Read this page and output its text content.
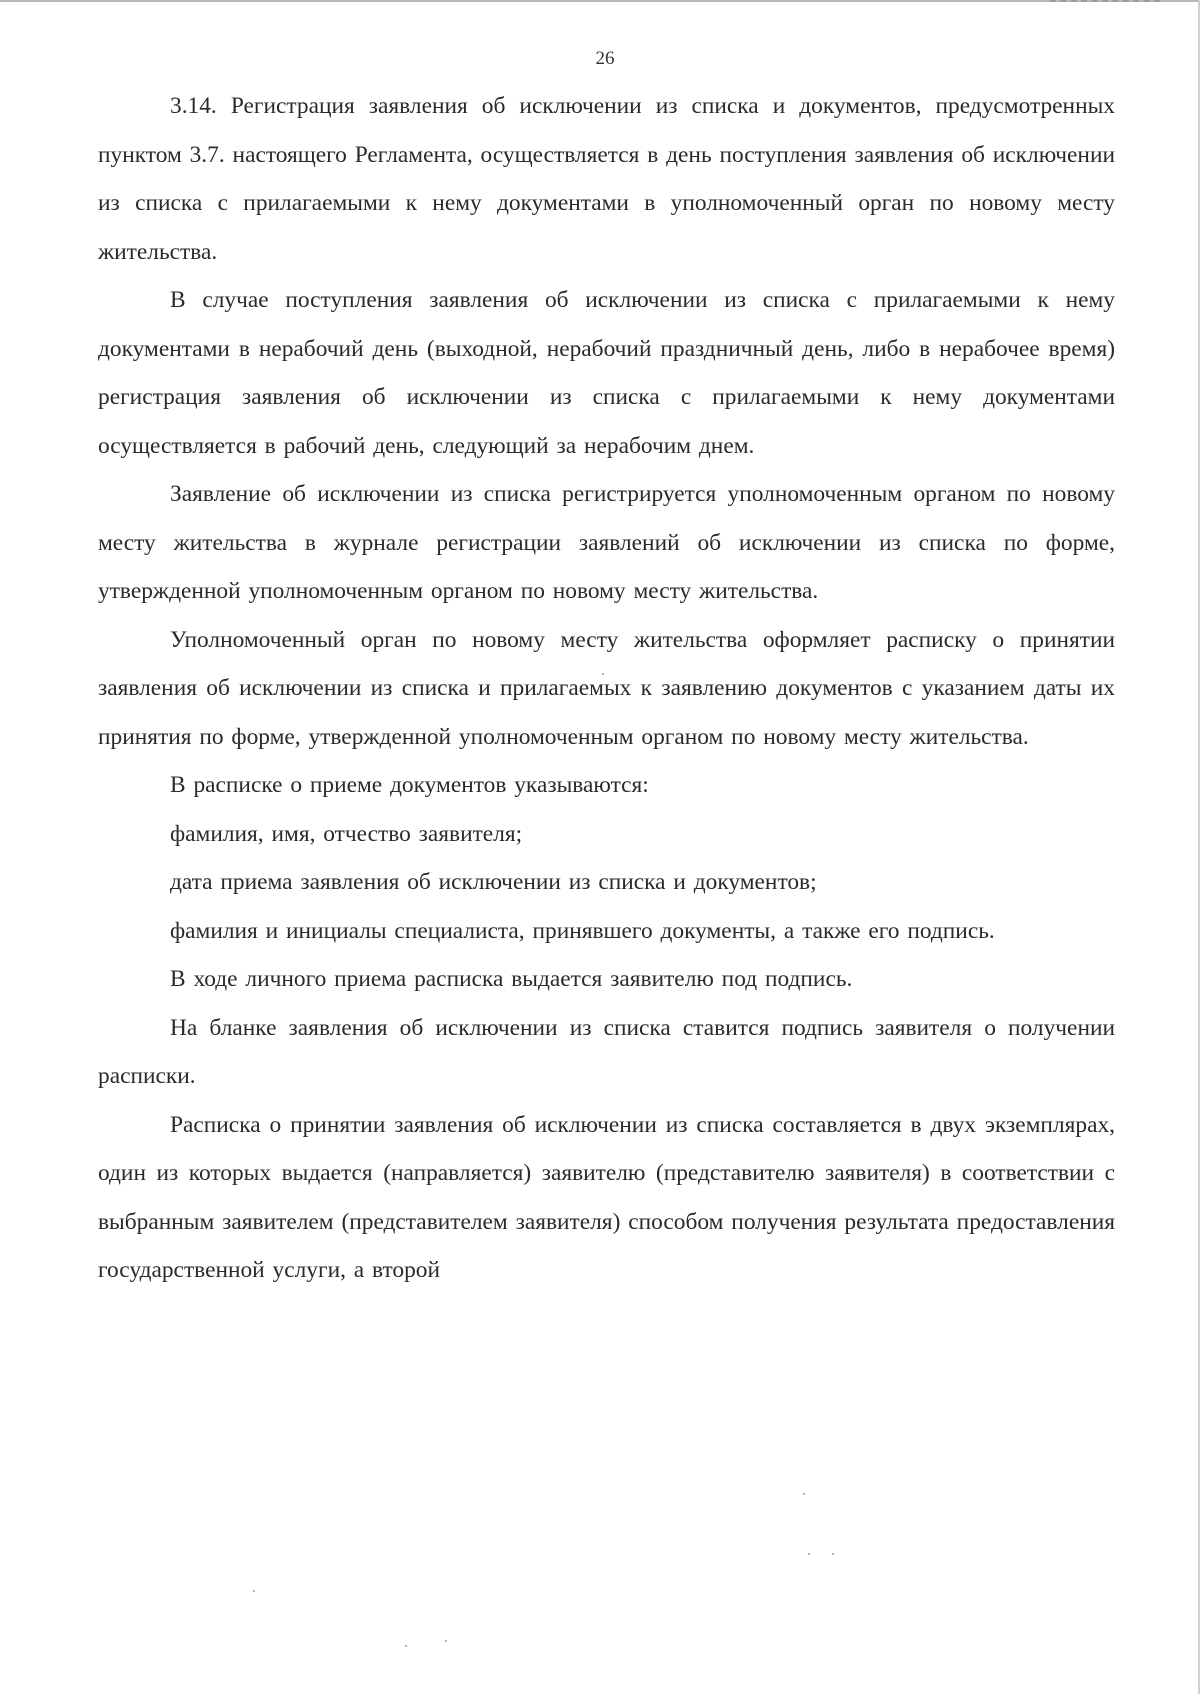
26

3.14. Регистрация заявления об исключении из списка и документов, предусмотренных пунктом 3.7. настоящего Регламента, осуществляется в день поступления заявления об исключении из списка с прилагаемыми к нему документами в уполномоченный орган по новому месту жительства.

В случае поступления заявления об исключении из списка с прилагаемыми к нему документами в нерабочий день (выходной, нерабочий праздничный день, либо в нерабочее время) регистрация заявления об исключении из списка с прилагаемыми к нему документами осуществляется в рабочий день, следующий за нерабочим днем.

Заявление об исключении из списка регистрируется уполномоченным органом по новому месту жительства в журнале регистрации заявлений об исключении из списка по форме, утвержденной уполномоченным органом по новому месту жительства.

Уполномоченный орган по новому месту жительства оформляет расписку о принятии заявления об исключении из списка и прилагаемых к заявлению документов с указанием даты их принятия по форме, утвержденной уполномоченным органом по новому месту жительства.

В расписке о приеме документов указываются:

фамилия, имя, отчество заявителя;

дата приема заявления об исключении из списка и документов;

фамилия и инициалы специалиста, принявшего документы, а также его подпись.

В ходе личного приема расписка выдается заявителю под подпись.

На бланке заявления об исключении из списка ставится подпись заявителя о получении расписки.

Расписка о принятии заявления об исключении из списка составляется в двух экземплярах, один из которых выдается (направляется) заявителю (представителю заявителя) в соответствии с выбранным заявителем (представителем заявителя) способом получения результата предоставления государственной услуги, а второй
